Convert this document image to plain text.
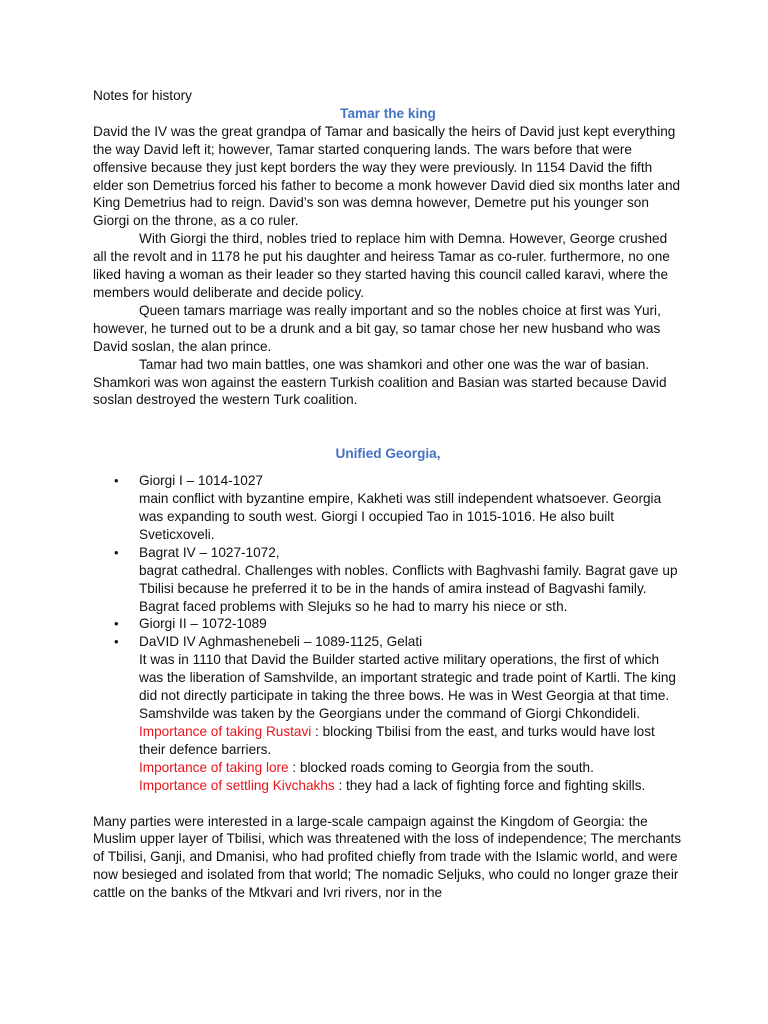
Notes for history

Tamar the king

David the IV was the great grandpa of Tamar and basically the heirs of David just kept everything the way David left it; however, Tamar started conquering lands. The wars before that were offensive because they just kept borders the way they were previously. In 1154 David the fifth elder son Demetrius forced his father to become a monk however David died six months later and King Demetrius had to reign. David’s son was demna however, Demetre put his younger son Giorgi on the throne, as a co ruler.

With Giorgi the third, nobles tried to replace him with Demna. However, George crushed all the revolt and in 1178 he put his daughter and heiress Tamar as co-ruler. furthermore, no one liked having a woman as their leader so they started having this council called karavi, where the members would deliberate and decide policy.

Queen tamars marriage was really important and so the nobles choice at first was Yuri, however, he turned out to be a drunk and a bit gay, so tamar chose her new husband who was David soslan, the alan prince.

Tamar had two main battles, one was shamkori and other one was the war of basian. Shamkori was won against the eastern Turkish coalition and Basian was started because David soslan destroyed the western Turk coalition.

Unified Georgia,

• Giorgi I – 1014-1027

main conflict with byzantine empire, Kakheti was still independent whatsoever. Georgia was expanding to south west. Giorgi I occupied Tao in 1015-1016. He also built Sveticxoveli.

• Bagrat IV – 1027-1072,

bagrat cathedral. Challenges with nobles. Conflicts with Baghvashi family. Bagrat gave up Tbilisi because he preferred it to be in the hands of amira instead of Bagvashi family. Bagrat faced problems with Slejuks so he had to marry his niece or sth.

• Giorgi II – 1072-1089

• DaVID IV Aghmashenebeli – 1089-1125, Gelati

It was in 1110 that David the Builder started active military operations, the first of which was the liberation of Samshvilde, an important strategic and trade point of Kartli. The king did not directly participate in taking the three bows. He was in West Georgia at that time. Samshvilde was taken by the Georgians under the command of Giorgi Chkondideli.

Importance of taking Rustavi : blocking Tbilisi from the east, and turks would have lost their defence barriers.

Importance of taking lore : blocked roads coming to Georgia from the south.

Importance of settling Kivchakhs : they had a lack of fighting force and fighting skills.

Many parties were interested in a large-scale campaign against the Kingdom of Georgia: the Muslim upper layer of Tbilisi, which was threatened with the loss of independence; The merchants of Tbilisi, Ganji, and Dmanisi, who had profited chiefly from trade with the Islamic world, and were now besieged and isolated from that world; The nomadic Seljuks, who could no longer graze their cattle on the banks of the Mtkvari and Ivri rivers, nor in the
